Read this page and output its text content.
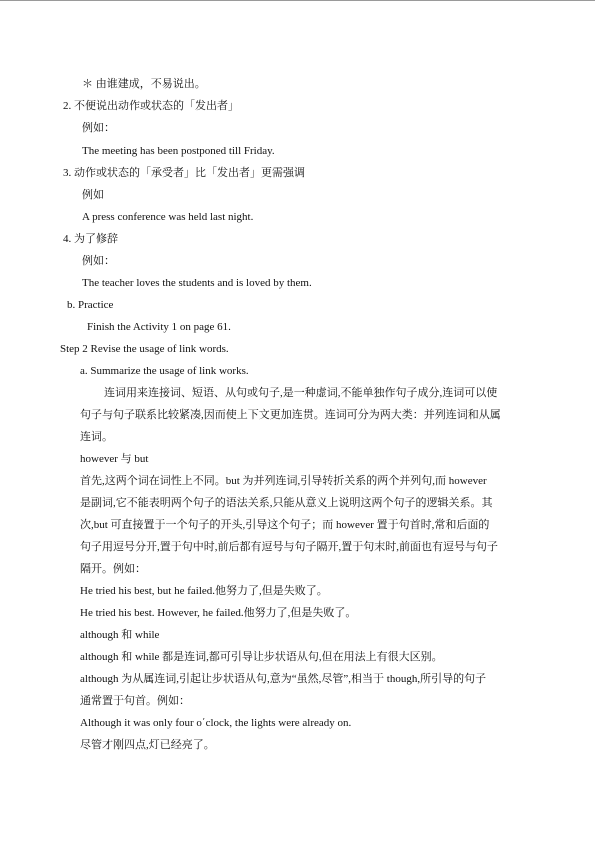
＊ 由谁建成，不易说出。

2. 不便说出动作或状态的「发出者」

例如：

The meeting has been postponed till Friday.

3. 动作或状态的「承受者」比「发出者」更需强调

例如

A press conference was held last night.

4. 为了修辞

例如：

The teacher loves the students and is loved by them.

b. Practice

Finish the Activity 1 on page 61.

Step 2 Revise the usage of link words.

a. Summarize the usage of link works.

连词用来连接词、短语、从句或句子,是一种虚词,不能单独作句子成分,连词可以使

句子与句子联系比较紧凑,因而使上下文更加连贯。连词可分为两大类：并列连词和从属

连词。

however 与 but

首先,这两个词在词性上不同。but 为并列连词,引导转折关系的两个并列句,而 however

是副词,它不能表明两个句子的语法关系,只能从意义上说明这两个句子的逻辑关系。其

次,but 可直接置于一个句子的开头,引导这个句子；而 however 置于句首时,常和后面的

句子用逗号分开,置于句中时,前后都有逗号与句子隔开,置于句末时,前面也有逗号与句子

隔开。例如：

He tried his best, but he failed.他努力了,但是失败了。

He tried his best. However, he failed.他努力了,但是失败了。

although 和 while

although 和 while 都是连词,都可引导让步状语从句,但在用法上有很大区别。

although 为从属连词,引起让步状语从句,意为“虽然,尽管”,相当于 though,所引导的句子

通常置于句首。例如：

Although it was only four o΄clock, the lights were already on.

尽管才刚四点,灯已经亮了。
